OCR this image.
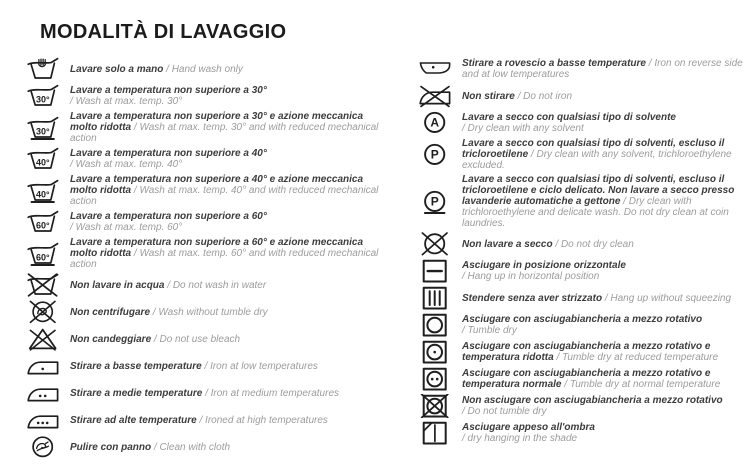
MODALITÀ DI LAVAGGIO

Lavare solo a mano / Hand wash only

30°

Lavare a temperatura non superiore a 30°
/ Wash at max. temp. 30°

30°

Lavare a temperatura non superiore a 30° e azione meccanica molto ridotta / Wash at max. temp. 30° and with reduced mechanical action

40°

Lavare a temperatura non superiore a 40°
/ Wash at max. temp. 40°

40°

Lavare a temperatura non superiore a 40° e azione meccanica molto ridotta / Wash at max. temp. 40° and with reduced mechanical action

60°

Lavare a temperatura non superiore a 60°
/ Wash at max. temp. 60°

60°

Lavare a temperatura non superiore a 60° e azione meccanica molto ridotta / Wash at max. temp. 60° and with reduced mechanical action

Non lavare in acqua / Do not wash in water

Non centrifugare / Wash without tumble dry

Non candeggiare / Do not use bleach

Stirare a basse temperature / Iron at low temperatures

Stirare a medie temperature / Iron at medium temperatures

Stirare ad alte temperature / Ironed at high temperatures

Pulire con panno / Clean with cloth

Stirare a rovescio a basse temperature / Iron on reverse side and at low temperatures

Non stirare / Do not iron

A Lavare a secco con qualsiasi tipo di solvente
/ Dry clean with any solvent

P

Lavare a secco con qualsiasi tipo di solventi, escluso il tricloroetilene / Dry clean with any solvent, trichloroethylene excluded.

P

Lavare a secco con qualsiasi tipo di solventi, escluso il tricloroetilene e ciclo delicato. Non lavare a secco presso lavanderie automatiche a gettone / Dry clean with trichloroethylene and delicate wash. Do not dry clean at coin laundries.

Non lavare a secco / Do not dry clean

Asciugare in posizione orizzontale
/ Hang up in horizontal position

Stendere senza aver strizzato / Hang up without squeezing

Asciugare con asciugabiancheria a mezzo rotativo
/ Tumble dry

Asciugare con asciugabiancheria a mezzo rotativo e temperatura ridotta / Tumble dry at reduced temperature

Asciugare con asciugabiancheria a mezzo rotativo e temperatura normale / Tumble dry at normal temperature

Non asciugare con asciugabiancheria a mezzo rotativo
/ Do not tumble dry

Asciugare appeso all'ombra
/ dry hanging in the shade
